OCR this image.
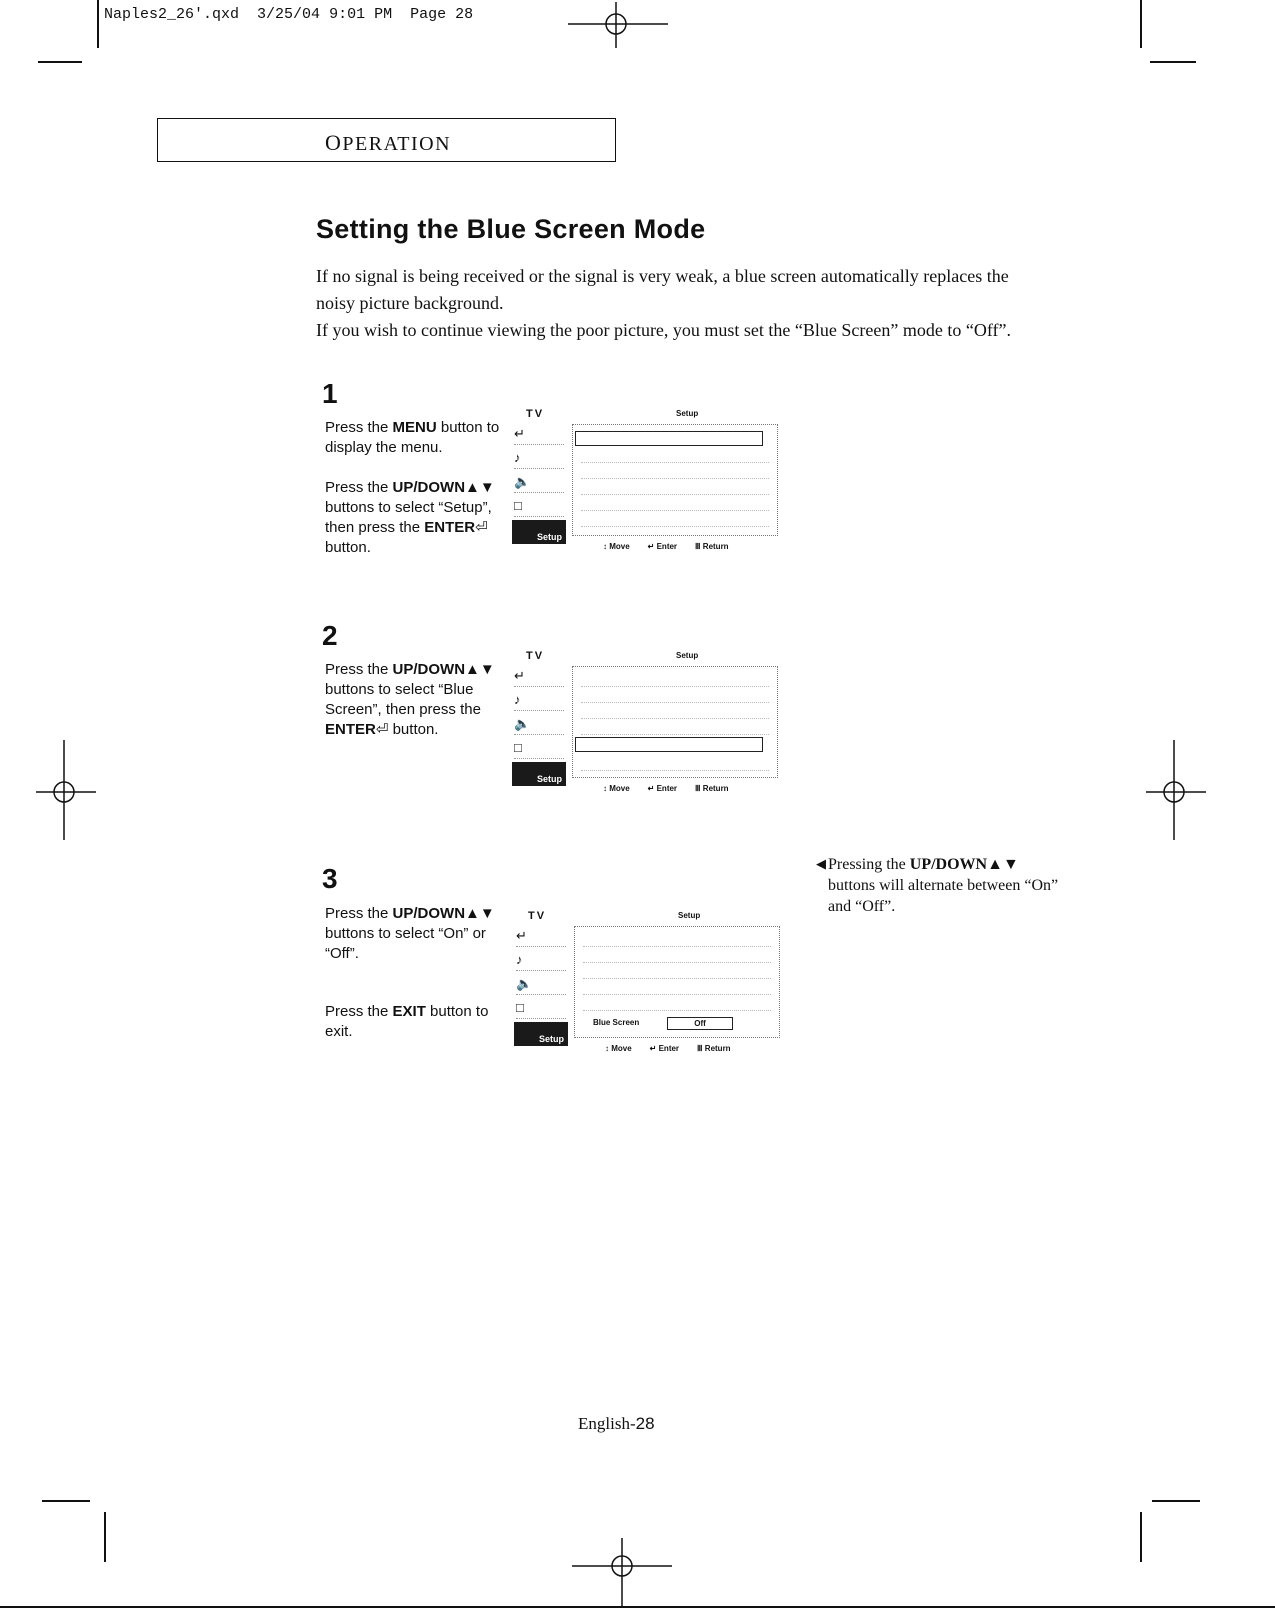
Naples2_26'.qxd 3/25/04 9:01 PM Page 28
OPERATION
Setting the Blue Screen Mode

If no signal is being received or the signal is very weak, a blue screen automatically replaces the noisy picture background.

If you wish to continue viewing the poor picture, you must set the “Blue Screen” mode to “Off”.

1

Press the MENU button to display the menu.

Press the UP/DOWN▲▼ buttons to select “Setup”, then press the ENTER⏎ button.

TV	Setup
↵
♪
🔈
□
Setup
↕ Move ↵ Enter Ⅲ Return
2

Press the UP/DOWN▲▼ buttons to select “Blue Screen”, then press the ENTER⏎ button.

TV	Setup
↵
♪
🔈
□
Setup
↕ Move ↵ Enter Ⅲ Return
3

Press the UP/DOWN▲▼ buttons to select “On” or “Off”.

Press the EXIT button to exit.

TV	Setup
↵
♪
🔈
□
Setup
Blue Screen	Off
↕ Move ↵ Enter Ⅲ Return
◀ Pressing the UP/DOWN▲▼ buttons will alternate between “On” and “Off”.
English-28
